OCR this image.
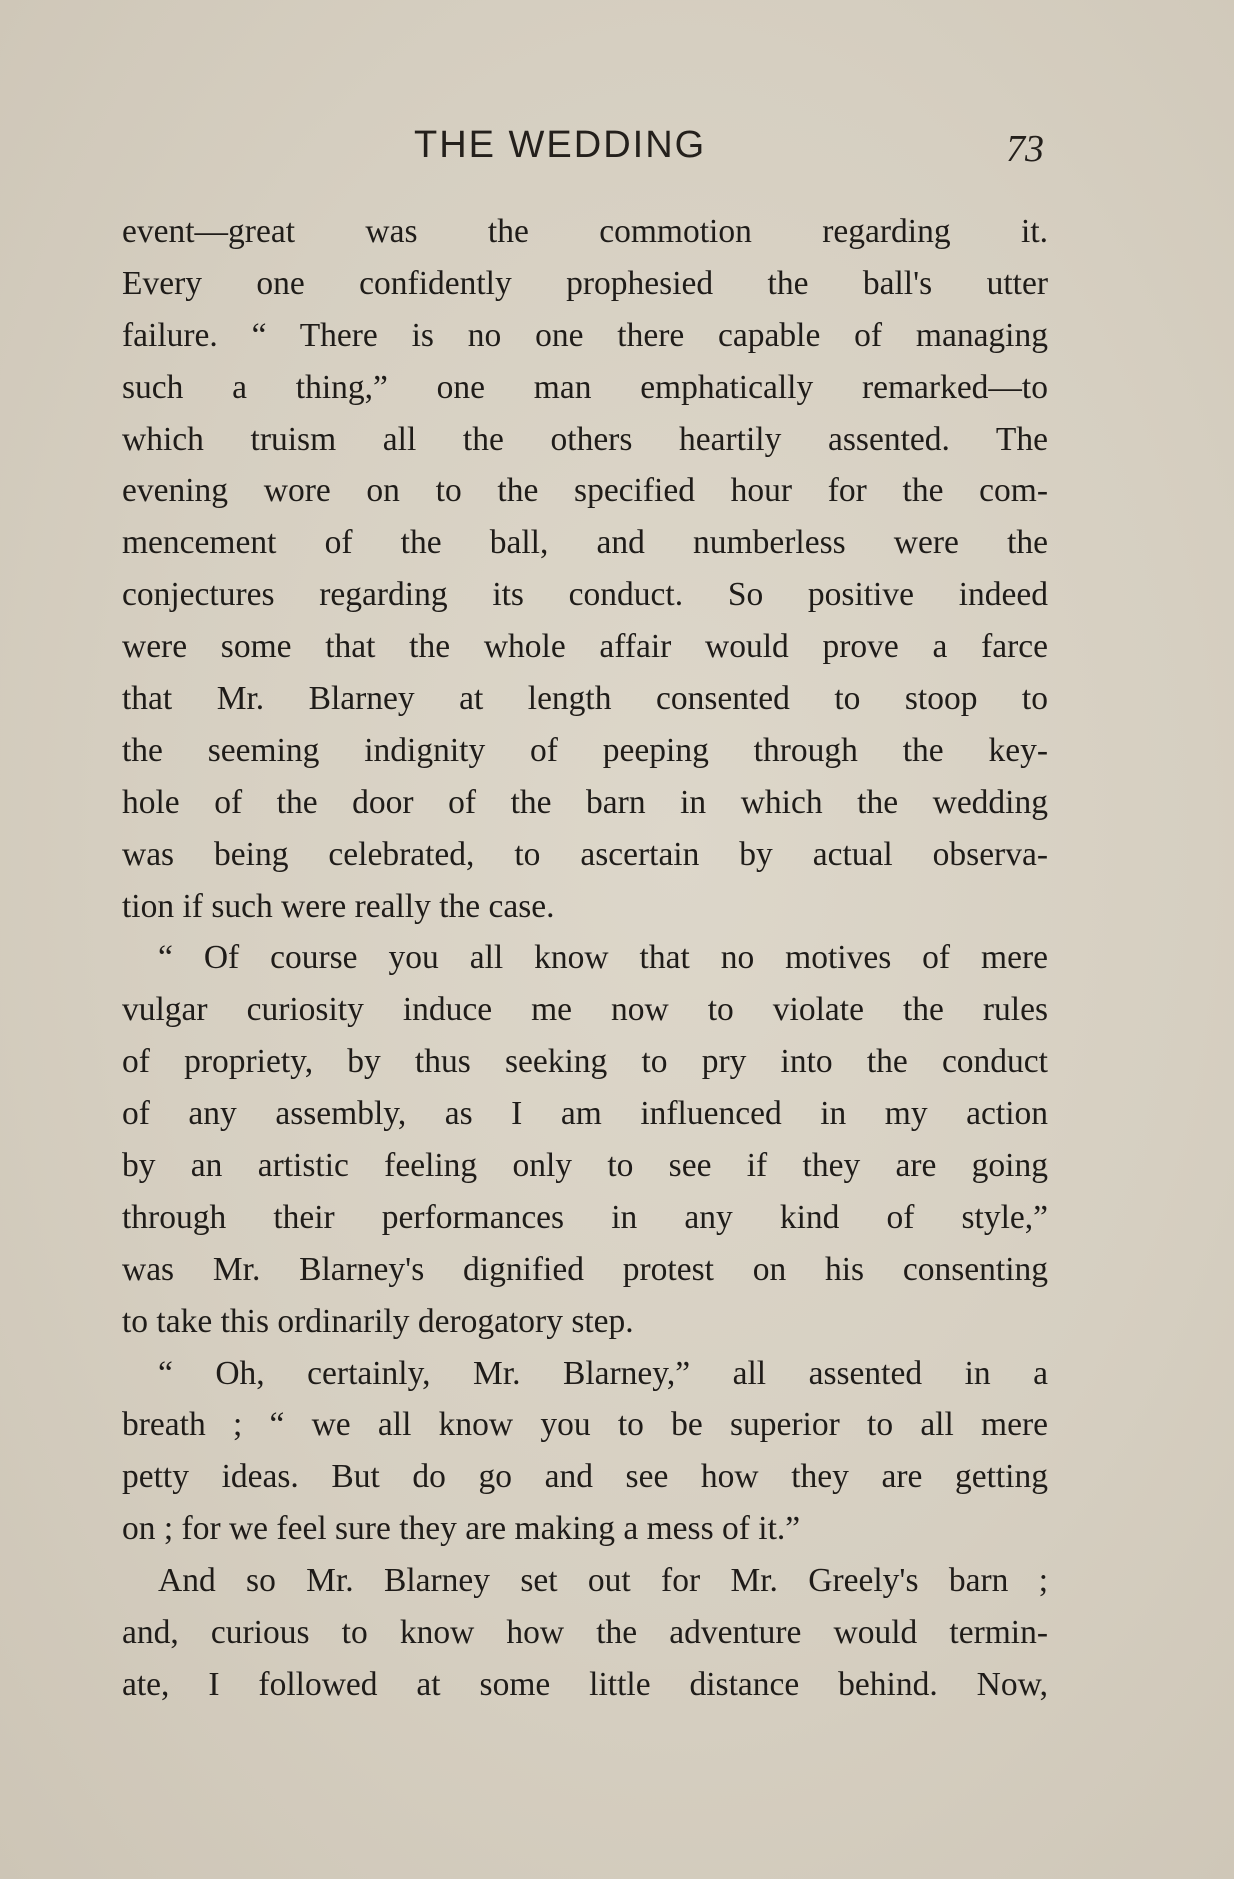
THE WEDDING	73
event—great was the commotion regarding it.
Every one confidently prophesied the ball's utter
failure. “ There is no one there capable of managing
such a thing,” one man emphatically remarked—to
which truism all the others heartily assented. The
evening wore on to the specified hour for the com-
mencement of the ball, and numberless were the
conjectures regarding its conduct. So positive indeed
were some that the whole affair would prove a farce
that Mr. Blarney at length consented to stoop to
the seeming indignity of peeping through the key-
hole of the door of the barn in which the wedding
was being celebrated, to ascertain by actual observa-
tion if such were really the case.
“ Of course you all know that no motives of mere
vulgar curiosity induce me now to violate the rules
of propriety, by thus seeking to pry into the conduct
of any assembly, as I am influenced in my action
by an artistic feeling only to see if they are going
through their performances in any kind of style,”
was Mr. Blarney's dignified protest on his consenting
to take this ordinarily derogatory step.
“ Oh, certainly, Mr. Blarney,” all assented in a
breath ; “ we all know you to be superior to all mere
petty ideas. But do go and see how they are getting
on ; for we feel sure they are making a mess of it.”
And so Mr. Blarney set out for Mr. Greely's barn ;
and, curious to know how the adventure would termin-
ate, I followed at some little distance behind. Now,
